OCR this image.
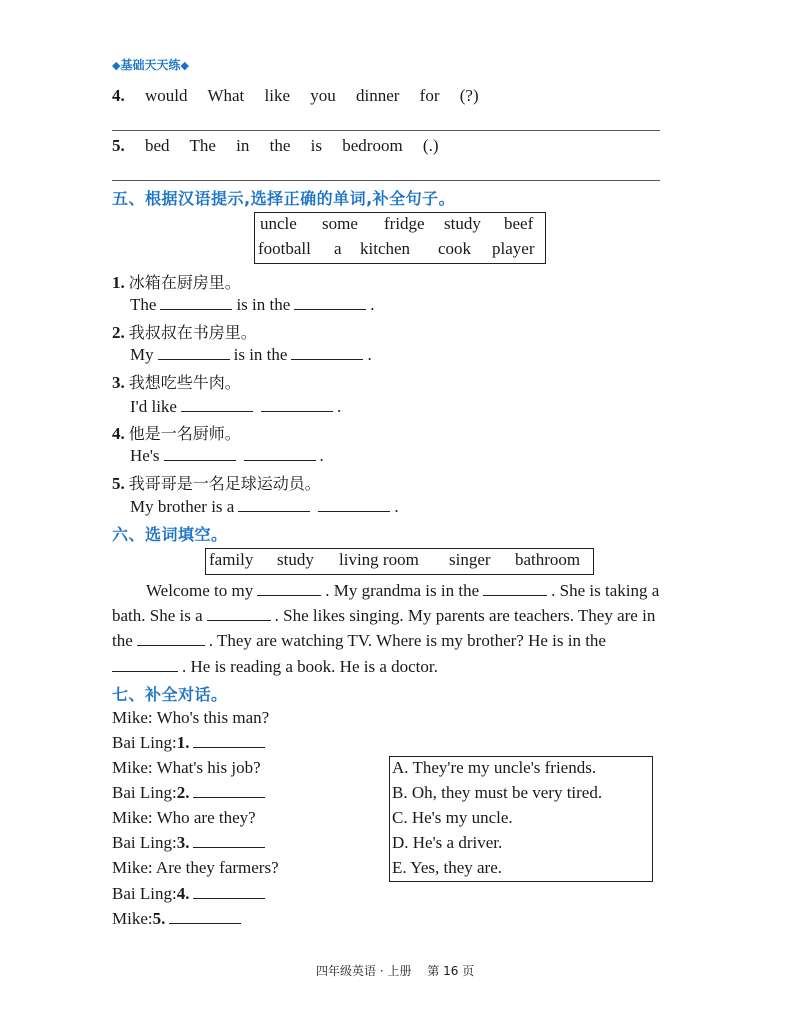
◆基础天天练◆
4. would What like you dinner for (?)
5. bed The in the is bedroom (.)
五、根据汉语提示,选择正确的单词,补全句子。
uncle some fridge study beef
football a kitchen cook player
1. 冰箱在厨房里。
The	is in the	.
2. 我叔叔在书房里。
My	is in the	.
3. 我想吃些牛肉。
I'd like	.
4. 他是一名厨师。
He's	.
5. 我哥哥是一名足球运动员。
My brother is a	.
六、选词填空。
family study living room singer bathroom
Welcome to my	. My grandma is in the	. She is taking a
bath. She is a	. She likes singing. My parents are teachers. They are in
the	. They are watching TV. Where is my brother? He is in the
. He is reading a book. He is a doctor.
七、补全对话。
Mike: Who's this man?
Bai Ling:1.
Mike: What's his job?
Bai Ling:2.
Mike: Who are they?
Bai Ling:3.
Mike: Are they farmers?
Bai Ling:4.
Mike:5.
A. They're my uncle's friends.
B. Oh, they must be very tired.
C. He's my uncle.
D. He's a driver.
E. Yes, they are.
四年级英语 · 上册 第 16 页
